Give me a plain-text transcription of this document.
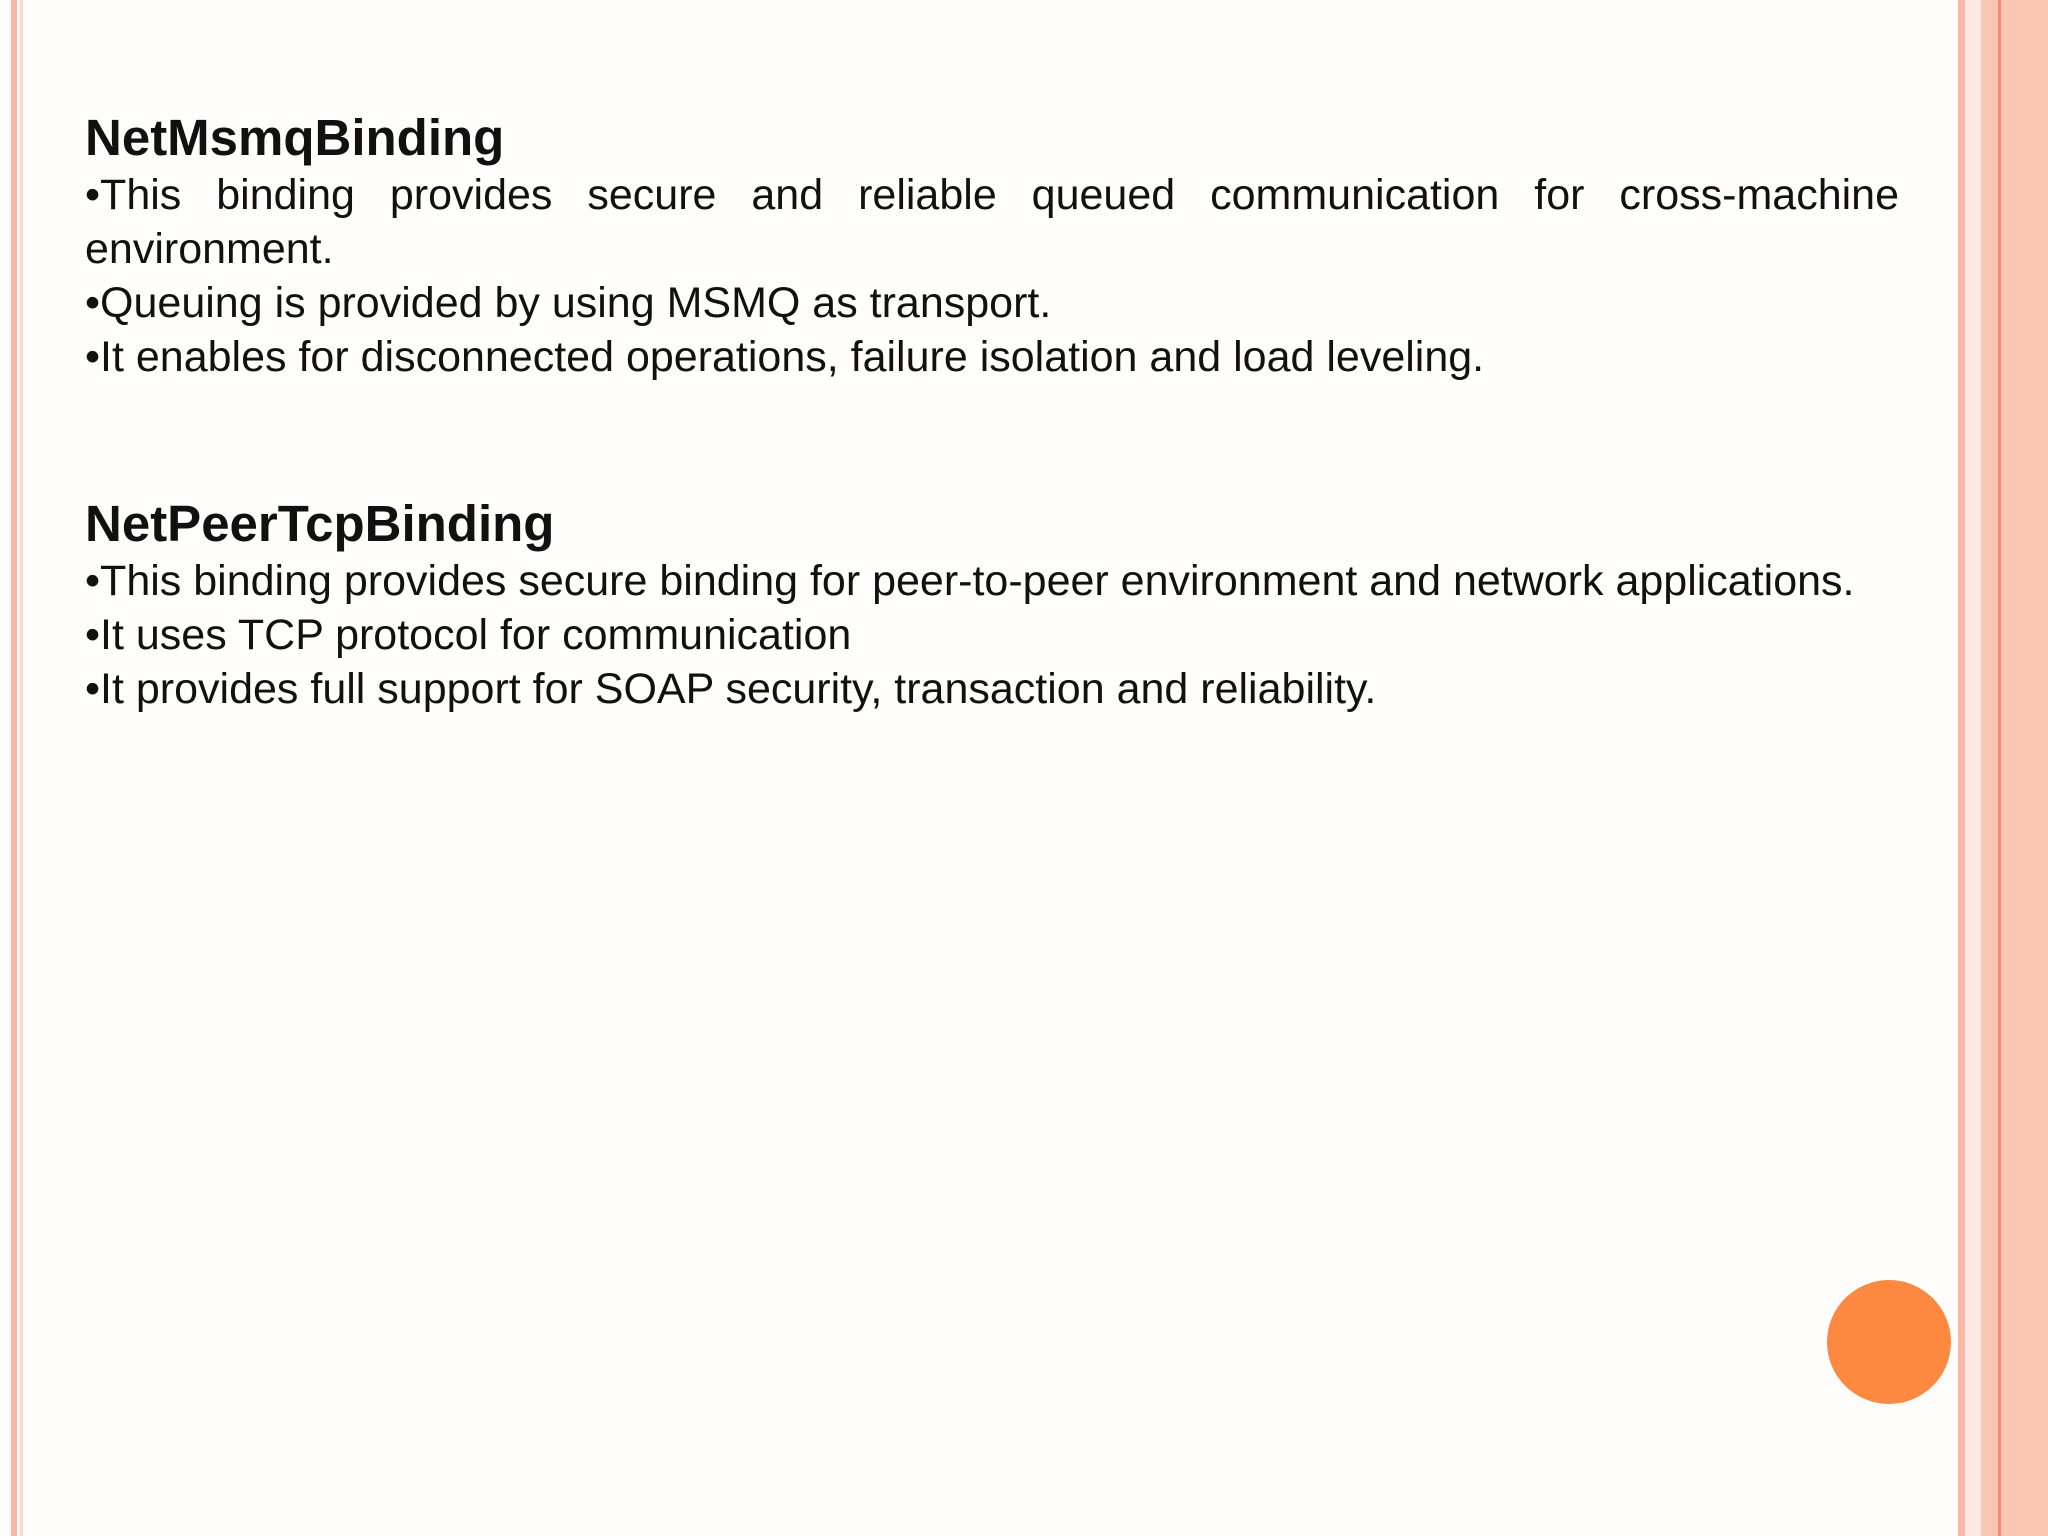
NetMsmqBinding

•This binding provides secure and reliable queued communication for cross-machine environment.

•Queuing is provided by using MSMQ as transport.

•It enables for disconnected operations, failure isolation and load leveling.

NetPeerTcpBinding

•This binding provides secure binding for peer-to-peer environment and network applications.

•It uses TCP protocol for communication

•It provides full support for SOAP security, transaction and reliability.
